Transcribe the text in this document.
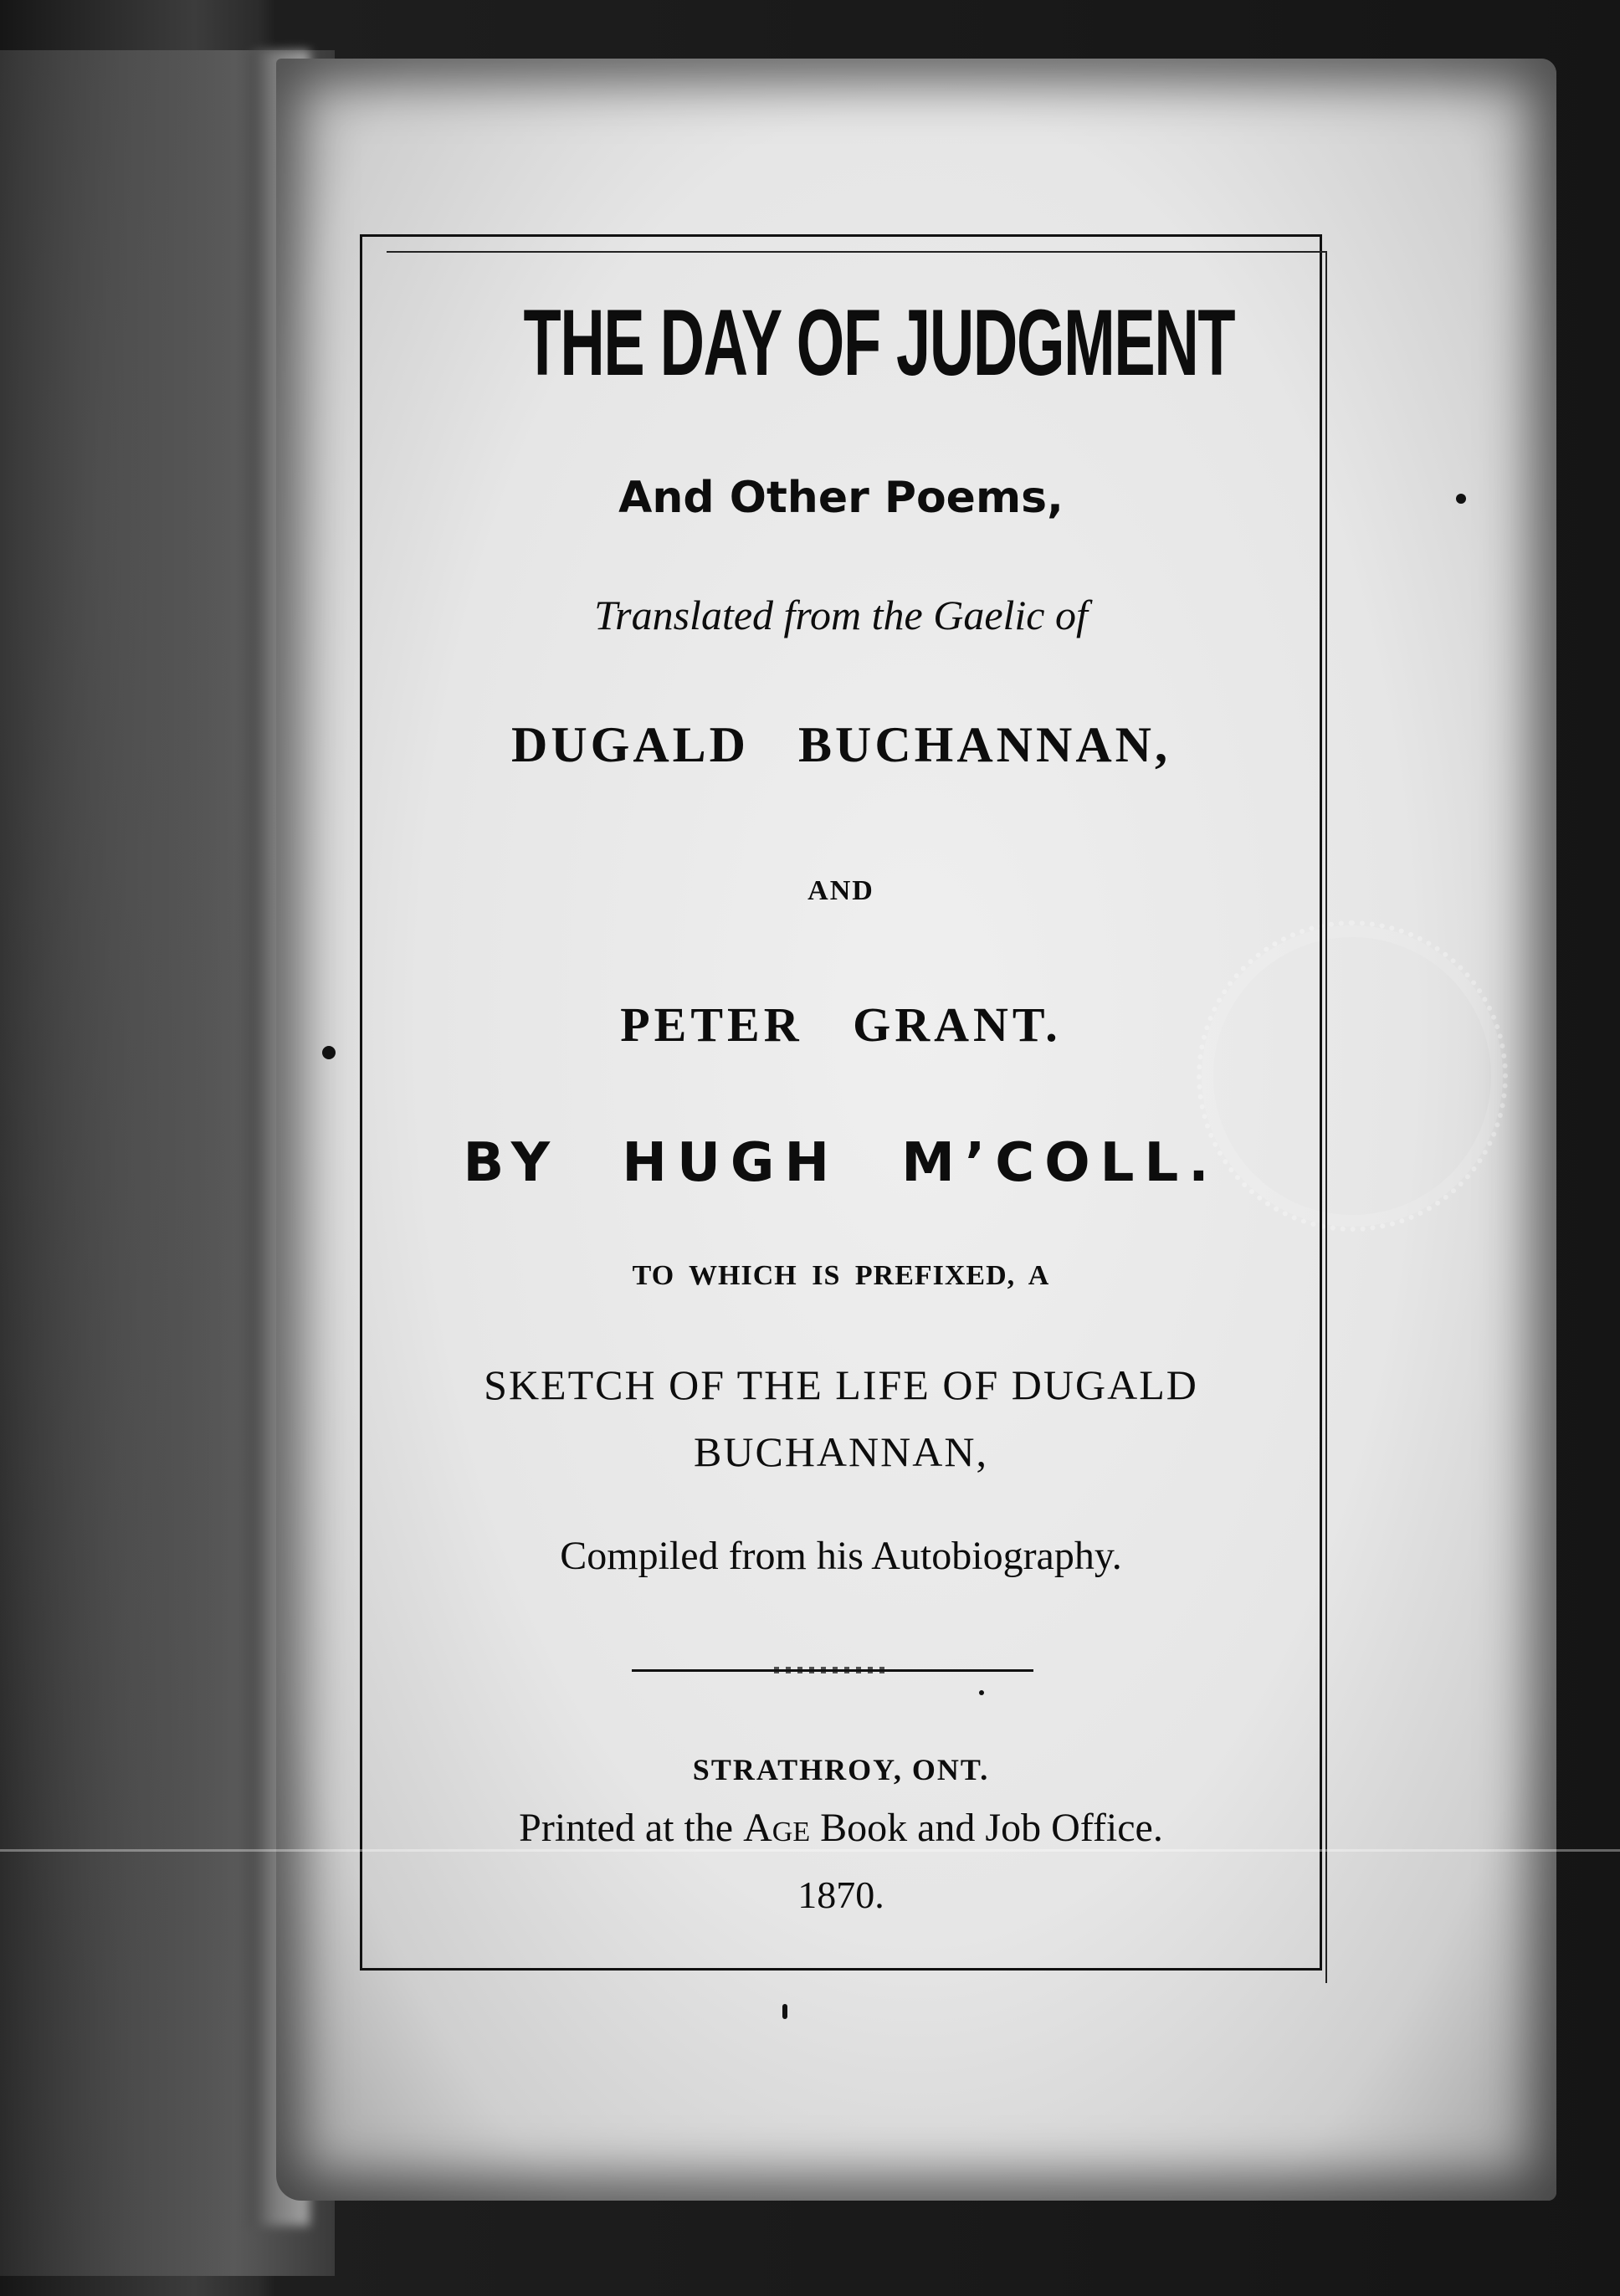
THE DAY OF JUDGMENT

And Other Poems,

Translated from the Gaelic of

DUGALD BUCHANNAN,

AND

PETER GRANT.

BY HUGH M’COLL.

TO WHICH IS PREFIXED, A

SKETCH OF THE LIFE OF DUGALD

BUCHANNAN,

Compiled from his Autobiography.

STRATHROY, ONT.

Printed at the Age Book and Job Office.

1870.
